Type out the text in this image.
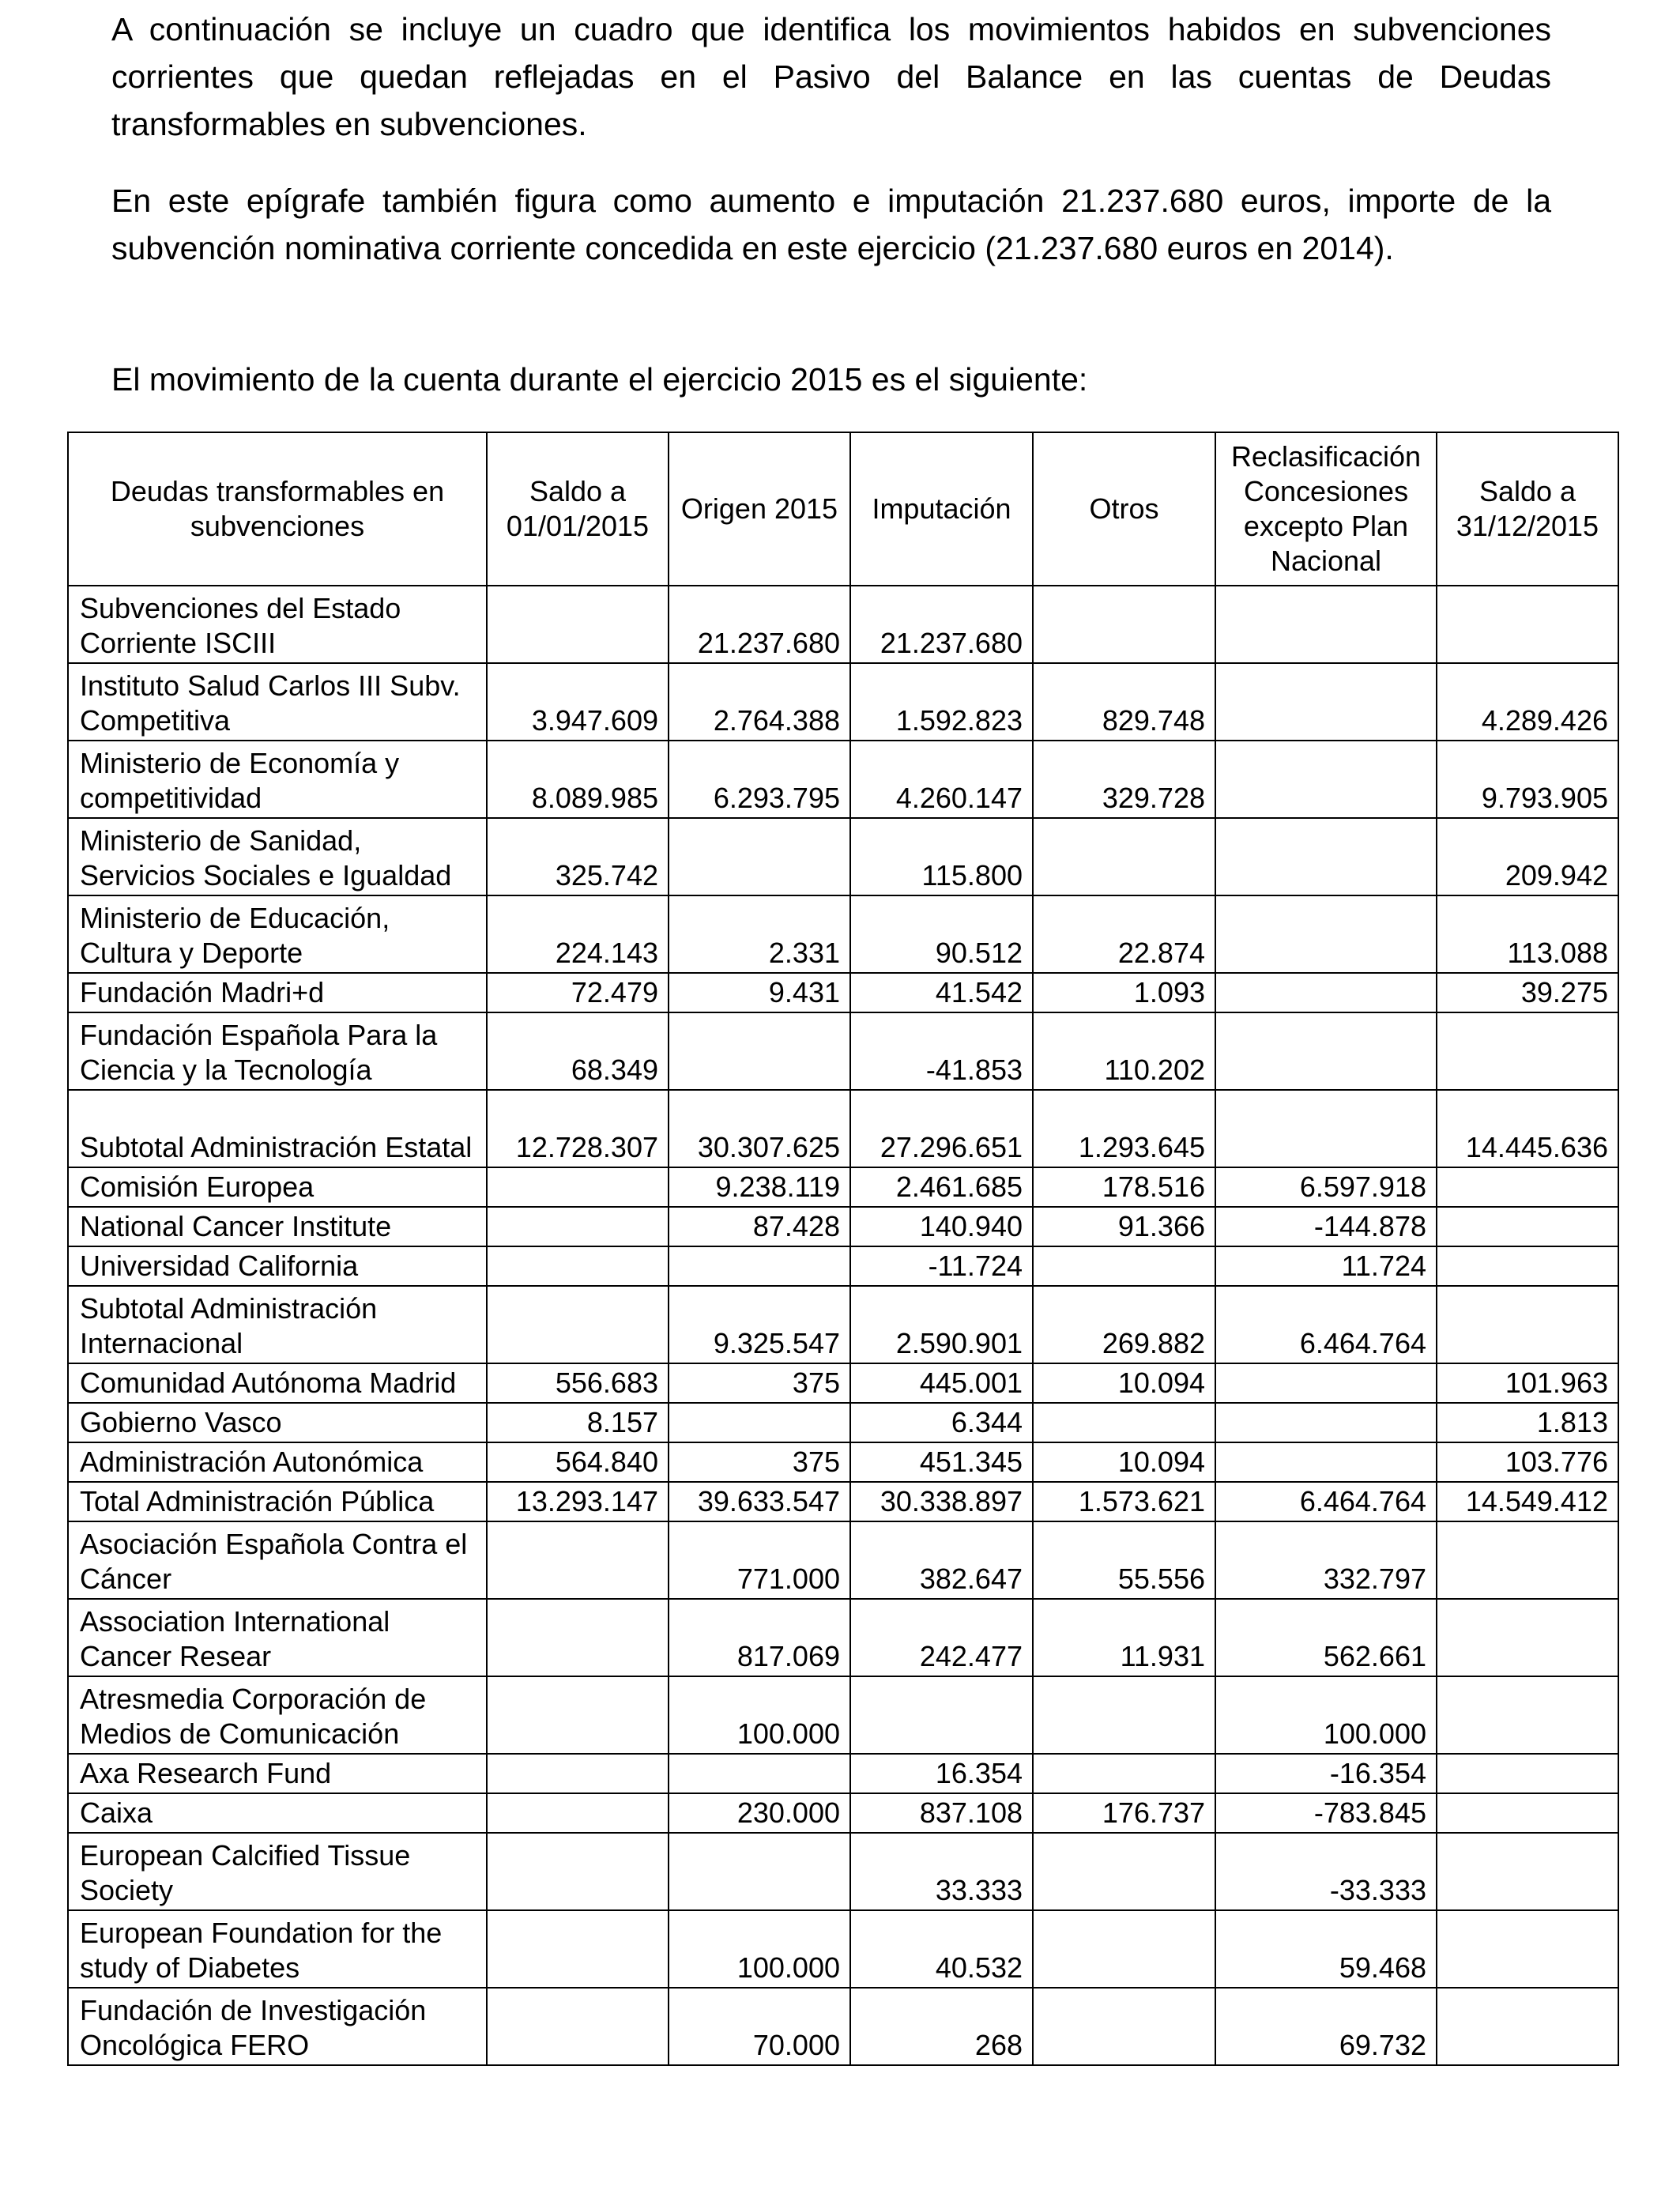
A continuación se incluye un cuadro que identifica los movimientos habidos en subvenciones corrientes que quedan reflejadas en el Pasivo del Balance en las cuentas de Deudas transformables en subvenciones.

En este epígrafe también figura como aumento e imputación 21.237.680 euros, importe de la subvención nominativa corriente concedida en este ejercicio (21.237.680 euros en 2014).

El movimiento de la cuenta durante el ejercicio 2015 es el siguiente:

Deudas transformables en subvenciones	Saldo a 01/01/2015	Origen 2015	Imputación	Otros	Reclasificación Concesiones excepto Plan Nacional	Saldo a 31/12/2015
Subvenciones del Estado Corriente ISCIII		21.237.680	21.237.680			
Instituto Salud Carlos III Subv. Competitiva	3.947.609	2.764.388	1.592.823	829.748		4.289.426
Ministerio de Economía y competitividad	8.089.985	6.293.795	4.260.147	329.728		9.793.905
Ministerio de Sanidad, Servicios Sociales e Igualdad	325.742		115.800			209.942
Ministerio de Educación, Cultura y Deporte	224.143	2.331	90.512	22.874		113.088
Fundación Madri+d	72.479	9.431	41.542	1.093		39.275
Fundación Española Para la Ciencia y la Tecnología	68.349		-41.853	110.202		
Subtotal Administración Estatal	12.728.307	30.307.625	27.296.651	1.293.645		14.445.636
Comisión Europea		9.238.119	2.461.685	178.516	6.597.918	
National Cancer Institute		87.428	140.940	91.366	-144.878	
Universidad California			-11.724		11.724	
Subtotal Administración Internacional		9.325.547	2.590.901	269.882	6.464.764	
Comunidad Autónoma Madrid	556.683	375	445.001	10.094		101.963
Gobierno Vasco	8.157		6.344			1.813
Administración Autonómica	564.840	375	451.345	10.094		103.776
Total Administración Pública	13.293.147	39.633.547	30.338.897	1.573.621	6.464.764	14.549.412
Asociación Española Contra el Cáncer		771.000	382.647	55.556	332.797	
Association International Cancer Resear		817.069	242.477	11.931	562.661	
Atresmedia Corporación de Medios de Comunicación		100.000			100.000	
Axa Research Fund			16.354		-16.354	
Caixa		230.000	837.108	176.737	-783.845	
European Calcified Tissue Society			33.333		-33.333	
European Foundation for the study of Diabetes		100.000	40.532		59.468	
Fundación de Investigación Oncológica FERO		70.000	268		69.732	
